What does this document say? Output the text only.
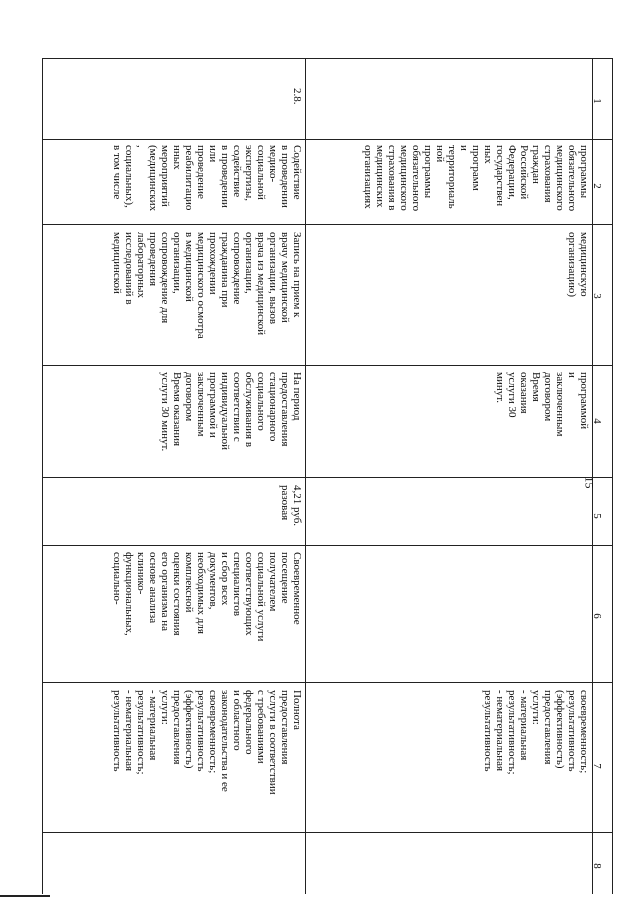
1
2
3
4
5
6
7
8
15
программы
обязательного
медицинского
страхования
граждан
Российской
Федерации,
государствен
ных программ
и
территориаль
ной
программы
обязательного
медицинского
страхования в
медицинских
организациях
медицинскую
организацию)
программой и
заключенным
договором
Время оказания
услуги 30 минут.
своевременность;
результативность
(эффективность)
предоставления
услуги:
- материальная
результативность;
- нематериальная
результативность
2.8.
Содействие
в проведении
медико-
социальной
экспертизы,
содействие
в проведении
или
проведение
реабилитацио
нных
мероприятий
(медицинских
,
социальных),
в том числе
Запись на прием к
врачу медицинской
организации, вызов
врача из медицинской
организации,
сопровождение
гражданина при
прохождении
медицинского осмотра
в медицинской
организации,
сопровождение для
проведения
лабораторных
исследований в
медицинской
На период
предоставления
стационарного
социального
обслуживания в
соответствии с
индивидуальной
программой и
заключенным
договором
Время оказания
услуги 30 минут.
4,21 руб.
разовая
Своевременное
посещение
получателем
социальной услуги
соответствующих
специалистов
и сбор всех
документов,
необходимых для
комплексной
оценки состояния
его организма на
основе анализа
клинико-
функциональных,
социально-
Полнота
предоставления
услуги в соответствии
с требованиями
федерального
и областного
законодательства и ее
своевременность;
результативность
(эффективность)
предоставления
услуги:
- материальная
результативность;
- нематериальная
результативность
